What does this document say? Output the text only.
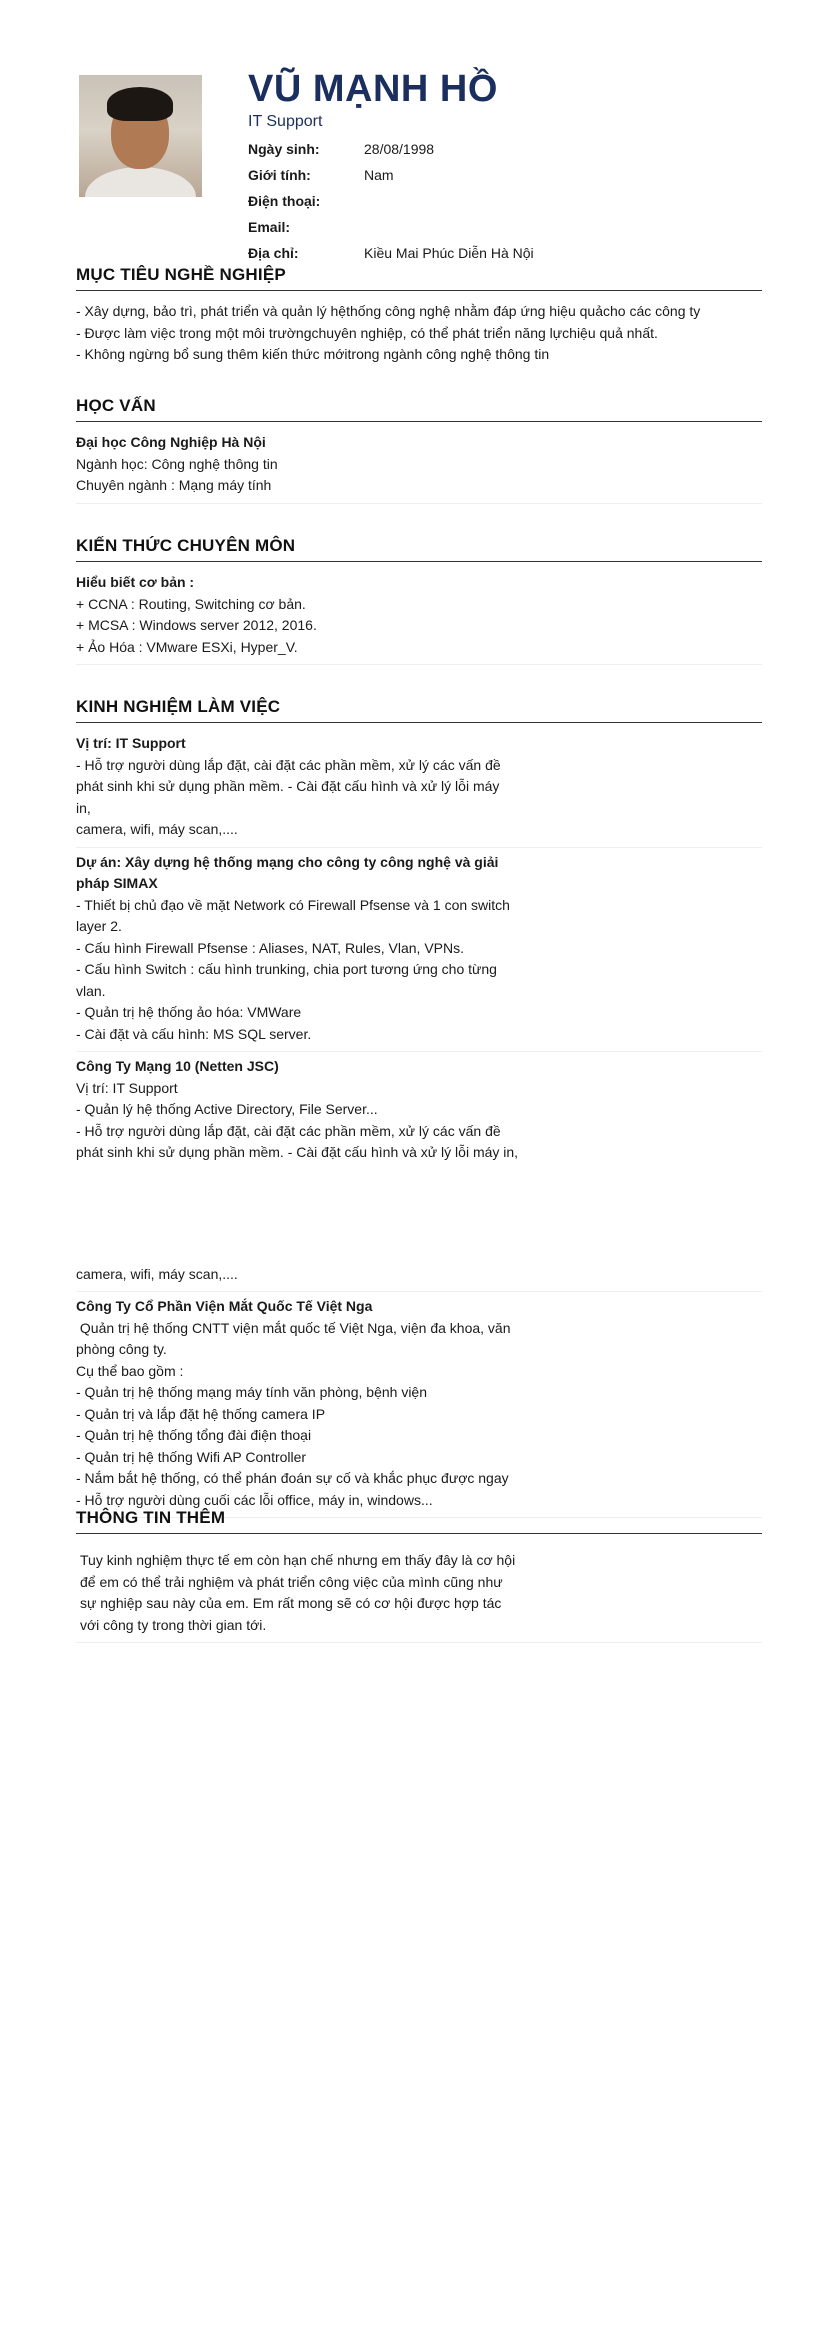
VŨ MẠNH HỒ
IT Support
Ngày sinh:	28/08/1998
Giới tính:	Nam
Điện thoại:
Email:
Địa chỉ:	Kiều Mai Phúc Diễn Hà Nội
MỤC TIÊU NGHỀ NGHIỆP
- Xây dựng, bảo trì, phát triển và quản lý hệthống công nghệ nhằm đáp ứng hiệu quảcho các công ty
- Được làm việc trong một môi trườngchuyên nghiệp, có thể phát triển năng lựchiệu quả nhất.
- Không ngừng bổ sung thêm kiến thức mớitrong ngành công nghệ thông tin
HỌC VẤN
Đại học Công Nghiệp Hà Nội
Ngành học: Công nghệ thông tin
Chuyên ngành : Mạng máy tính
KIẾN THỨC CHUYÊN MÔN
Hiểu biết cơ bản :
+ CCNA : Routing, Switching cơ bản.
+ MCSA : Windows server 2012, 2016.
+ Ảo Hóa : VMware ESXi, Hyper_V.
KINH NGHIỆM LÀM VIỆC
Vị trí: IT Support
- Hỗ trợ người dùng lắp đặt, cài đặt các phần mềm, xử lý các vấn đề
phát sinh khi sử dụng phần mềm. - Cài đặt cấu hình và xử lý lỗi máy in,
camera, wifi, máy scan,....
Dự án: Xây dựng hệ thống mạng cho công ty công nghệ và giải
pháp SIMAX
- Thiết bị chủ đạo về mặt Network có Firewall Pfsense và 1 con switch
layer 2.
- Cấu hình Firewall Pfsense : Aliases, NAT, Rules, Vlan, VPNs.
- Cấu hình Switch : cấu hình trunking, chia port tương ứng cho từng
vlan.
- Quản trị hệ thống ảo hóa: VMWare
- Cài đặt và cấu hình: MS SQL server.
Công Ty Mạng 10 (Netten JSC)
Vị trí: IT Support
- Quản lý hệ thống Active Directory, File Server...
- Hỗ trợ người dùng lắp đặt, cài đặt các phần mềm, xử lý các vấn đề
phát sinh khi sử dụng phần mềm. - Cài đặt cấu hình và xử lý lỗi máy in,
camera, wifi, máy scan,....
Công Ty Cổ Phần Viện Mắt Quốc Tế Việt Nga
Quản trị hệ thống CNTT viện mắt quốc tế Việt Nga, viện đa khoa, văn
phòng công ty.
Cụ thể bao gồm :
- Quản trị hệ thống mạng máy tính văn phòng, bệnh viện
- Quản trị và lắp đặt hệ thống camera IP
- Quản trị hệ thống tổng đài điện thoại
- Quản trị hệ thống Wifi AP Controller
- Nắm bắt hệ thống, có thể phán đoán sự cố và khắc phục được ngay
- Hỗ trợ người dùng cuối các lỗi office, máy in, windows...
THÔNG TIN THÊM
Tuy kinh nghiệm thực tế em còn hạn chế nhưng em thấy đây là cơ hội
để em có thể trải nghiệm và phát triển công việc của mình cũng như
sự nghiệp sau này của em. Em rất mong sẽ có cơ hội được hợp tác
với công ty trong thời gian tới.
